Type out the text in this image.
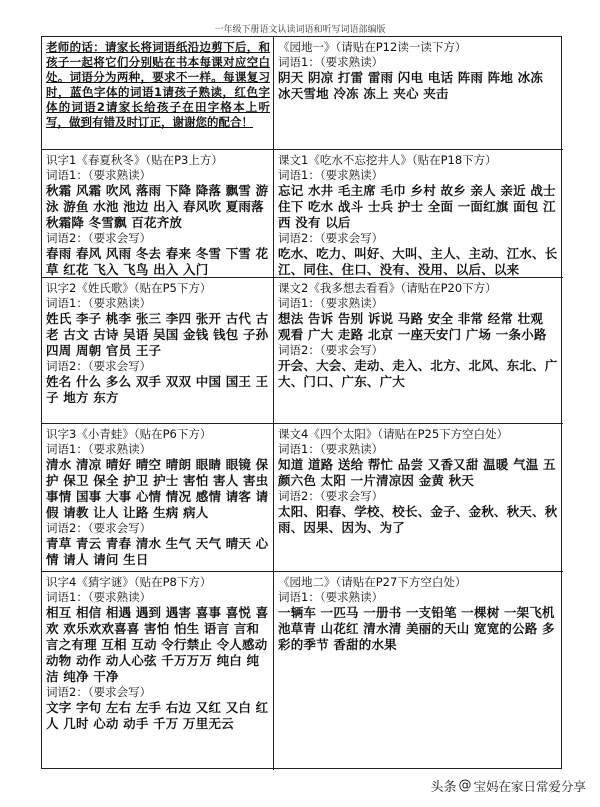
一年级下册语文认读词语和听写词语部编版
老师的话：请家长将词语纸沿边剪下后，和孩子一起将它们分别贴在书本每课对应空白处。词语分为两种，要求不一样。每课复习时，蓝色字体的词语1请孩子熟读，红色字体的词语2请家长给孩子在田字格本上听写，做到有错及时订正，谢谢您的配合！
《园地一》（请贴在P12读一读下方）
词语1：（要求熟读）
阴天 阴凉 打雷 雷雨 闪电 电话 阵雨 阵地 冰冻 冰天雪地 冷冻 冻上 夹心 夹击
识字1《春夏秋冬》（贴在P3上方）
词语1：（要求熟读）
秋霜 风霜 吹风 落雨 下降 降落 飘雪 游泳 游鱼 水池 池边 出入 春风吹 夏雨落 秋霜降 冬雪飘 百花齐放
词语2：（要求会写）
春雨 春风 风雨 冬去 春来 冬雪 下雪 花草 红花 飞入 飞鸟 出入 入门
课文1《吃水不忘挖井人》（贴在P18下方）
词语1：（要求熟读）
忘记 水井 毛主席 毛巾 乡村 故乡 亲人 亲近 战士 住下 吃水 战斗 士兵 护士 全面 一面红旗 面包 江西 没有 以后
词语2：（要求会写）
吃水、吃力、叫好、大叫、主人、主动、江水、长江、同住、住口、没有、没用、以后、以来
识字2《姓氏歌》（贴在P5下方）
词语1：（要求熟读）
姓氏 李子 桃李 张三 李四 张开 古代 古老 古文 古诗 吴语 吴国 金钱 钱包 子孙 四周 周朝 官员 王子
词语2：（要求会写）
姓名 什么 多么 双手 双双 中国 国王 王子 地方 东方
课文2《我多想去看看》（请贴在P20下方）
词语1：（要求熟读）
想法 告诉 告别 诉说 马路 安全 非常 经常 壮观 观看 广大 走路 北京 一座天安门 广场 一条小路
词语2：（要求会写）
开会、大会、走动、走入、北方、北风、东北、广大、门口、广东、广大
识字3《小青蛙》（贴在P6下方）
词语1：（要求熟读）
清水 清凉 晴好 晴空 晴朗 眼睛 眼镜 保护 保卫 保全 护卫 护士 害怕 害人 害虫 事情 国事 大事 心情 情况 感情 请客 请假 请教 让人 让路 生病 病人
词语2：（要求会写）
青草 青云 青春 清水 生气 天气 晴天 心情 请人 请问 生日
课文4《四个太阳》（请贴在P25下方空白处）
词语1：（要求熟读）
知道 道路 送给 帮忙 品尝 又香又甜 温暖 气温 五颜六色 太阳 一片清凉因 金黄 秋天
词语2：（要求会写）
太阳、阳春、学校、校长、金子、金秋、秋天、秋雨、因果、因为、为了
识字4《猜字谜》（贴在P8下方）
词语1：（要求熟读）
相互 相信 相遇 遇到 遇害 喜事 喜悦 喜欢 欢乐欢欢喜喜 害怕 怕生 语言 言和 言之有理 互相 互动 令行禁止 令人感动 动物 动作 动人心弦 千万万万 纯白 纯洁 纯净 干净
词语2：（要求会写）
文字 字句 左右 左手 右边 又红 又白 红人 几时 心动 动手 千万 万里无云
《园地二》（请贴在P27下方空白处）
词语1：（要求熟读）
一辆车 一匹马 一册书 一支铅笔 一棵树 一架飞机 池草青 山花红 清水清 美丽的天山 宽宽的公路 多彩的季节 香甜的水果
头条 @ 宝妈在家日常爱分享
